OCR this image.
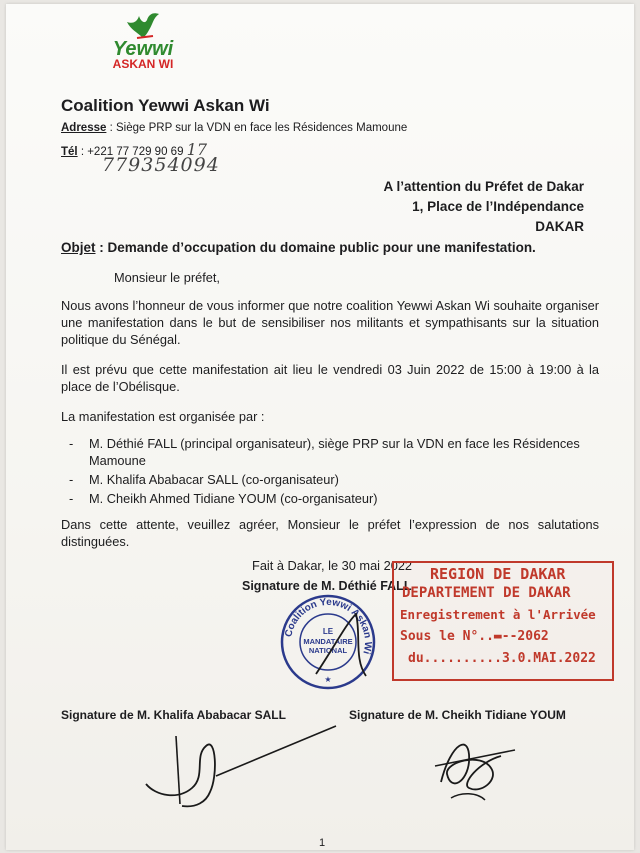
Yewwi
ASKAN WI
Coalition Yewwi Askan Wi
Adresse : Siège PRP sur la VDN en face les Résidences Mamoune
Tél : +221 77 729 90 69 17
779354094
A l’attention du Préfet de Dakar
1, Place de l’Indépendance
DAKAR
Objet : Demande d’occupation du domaine public pour une manifestation.
Monsieur le préfet,
Nous avons l’honneur de vous informer que notre coalition Yewwi Askan Wi souhaite organiser une manifestation dans le but de sensibiliser nos militants et sympathisants sur la situation politique du Sénégal.
Il est prévu que cette manifestation ait lieu le vendredi 03 Juin 2022 de 15:00 à 19:00 à la place de l’Obélisque.
La manifestation est organisée par :
- M. Déthié FALL (principal organisateur), siège PRP sur la VDN en face les Résidences Mamoune
- M. Khalifa Ababacar SALL (co-organisateur)
- M. Cheikh Ahmed Tidiane YOUM (co-organisateur)
Dans cette attente, veuillez agréer, Monsieur le préfet l’expression de nos salutations distinguées.
Fait à Dakar, le 30 mai 2022
Signature de M. Déthié FALL
REGION DE DAKAR
DEPARTEMENT DE DAKAR
Enregistrement à l'Arrivée
Sous le N°..▬--2062
du..........3.0.MAI.2022
Coalition Yewwi Askan Wi
LE
MANDATAIRE
NATIONAL
★
Signature de M. Khalifa Ababacar SALL	Signature de M. Cheikh Tidiane YOUM
1
